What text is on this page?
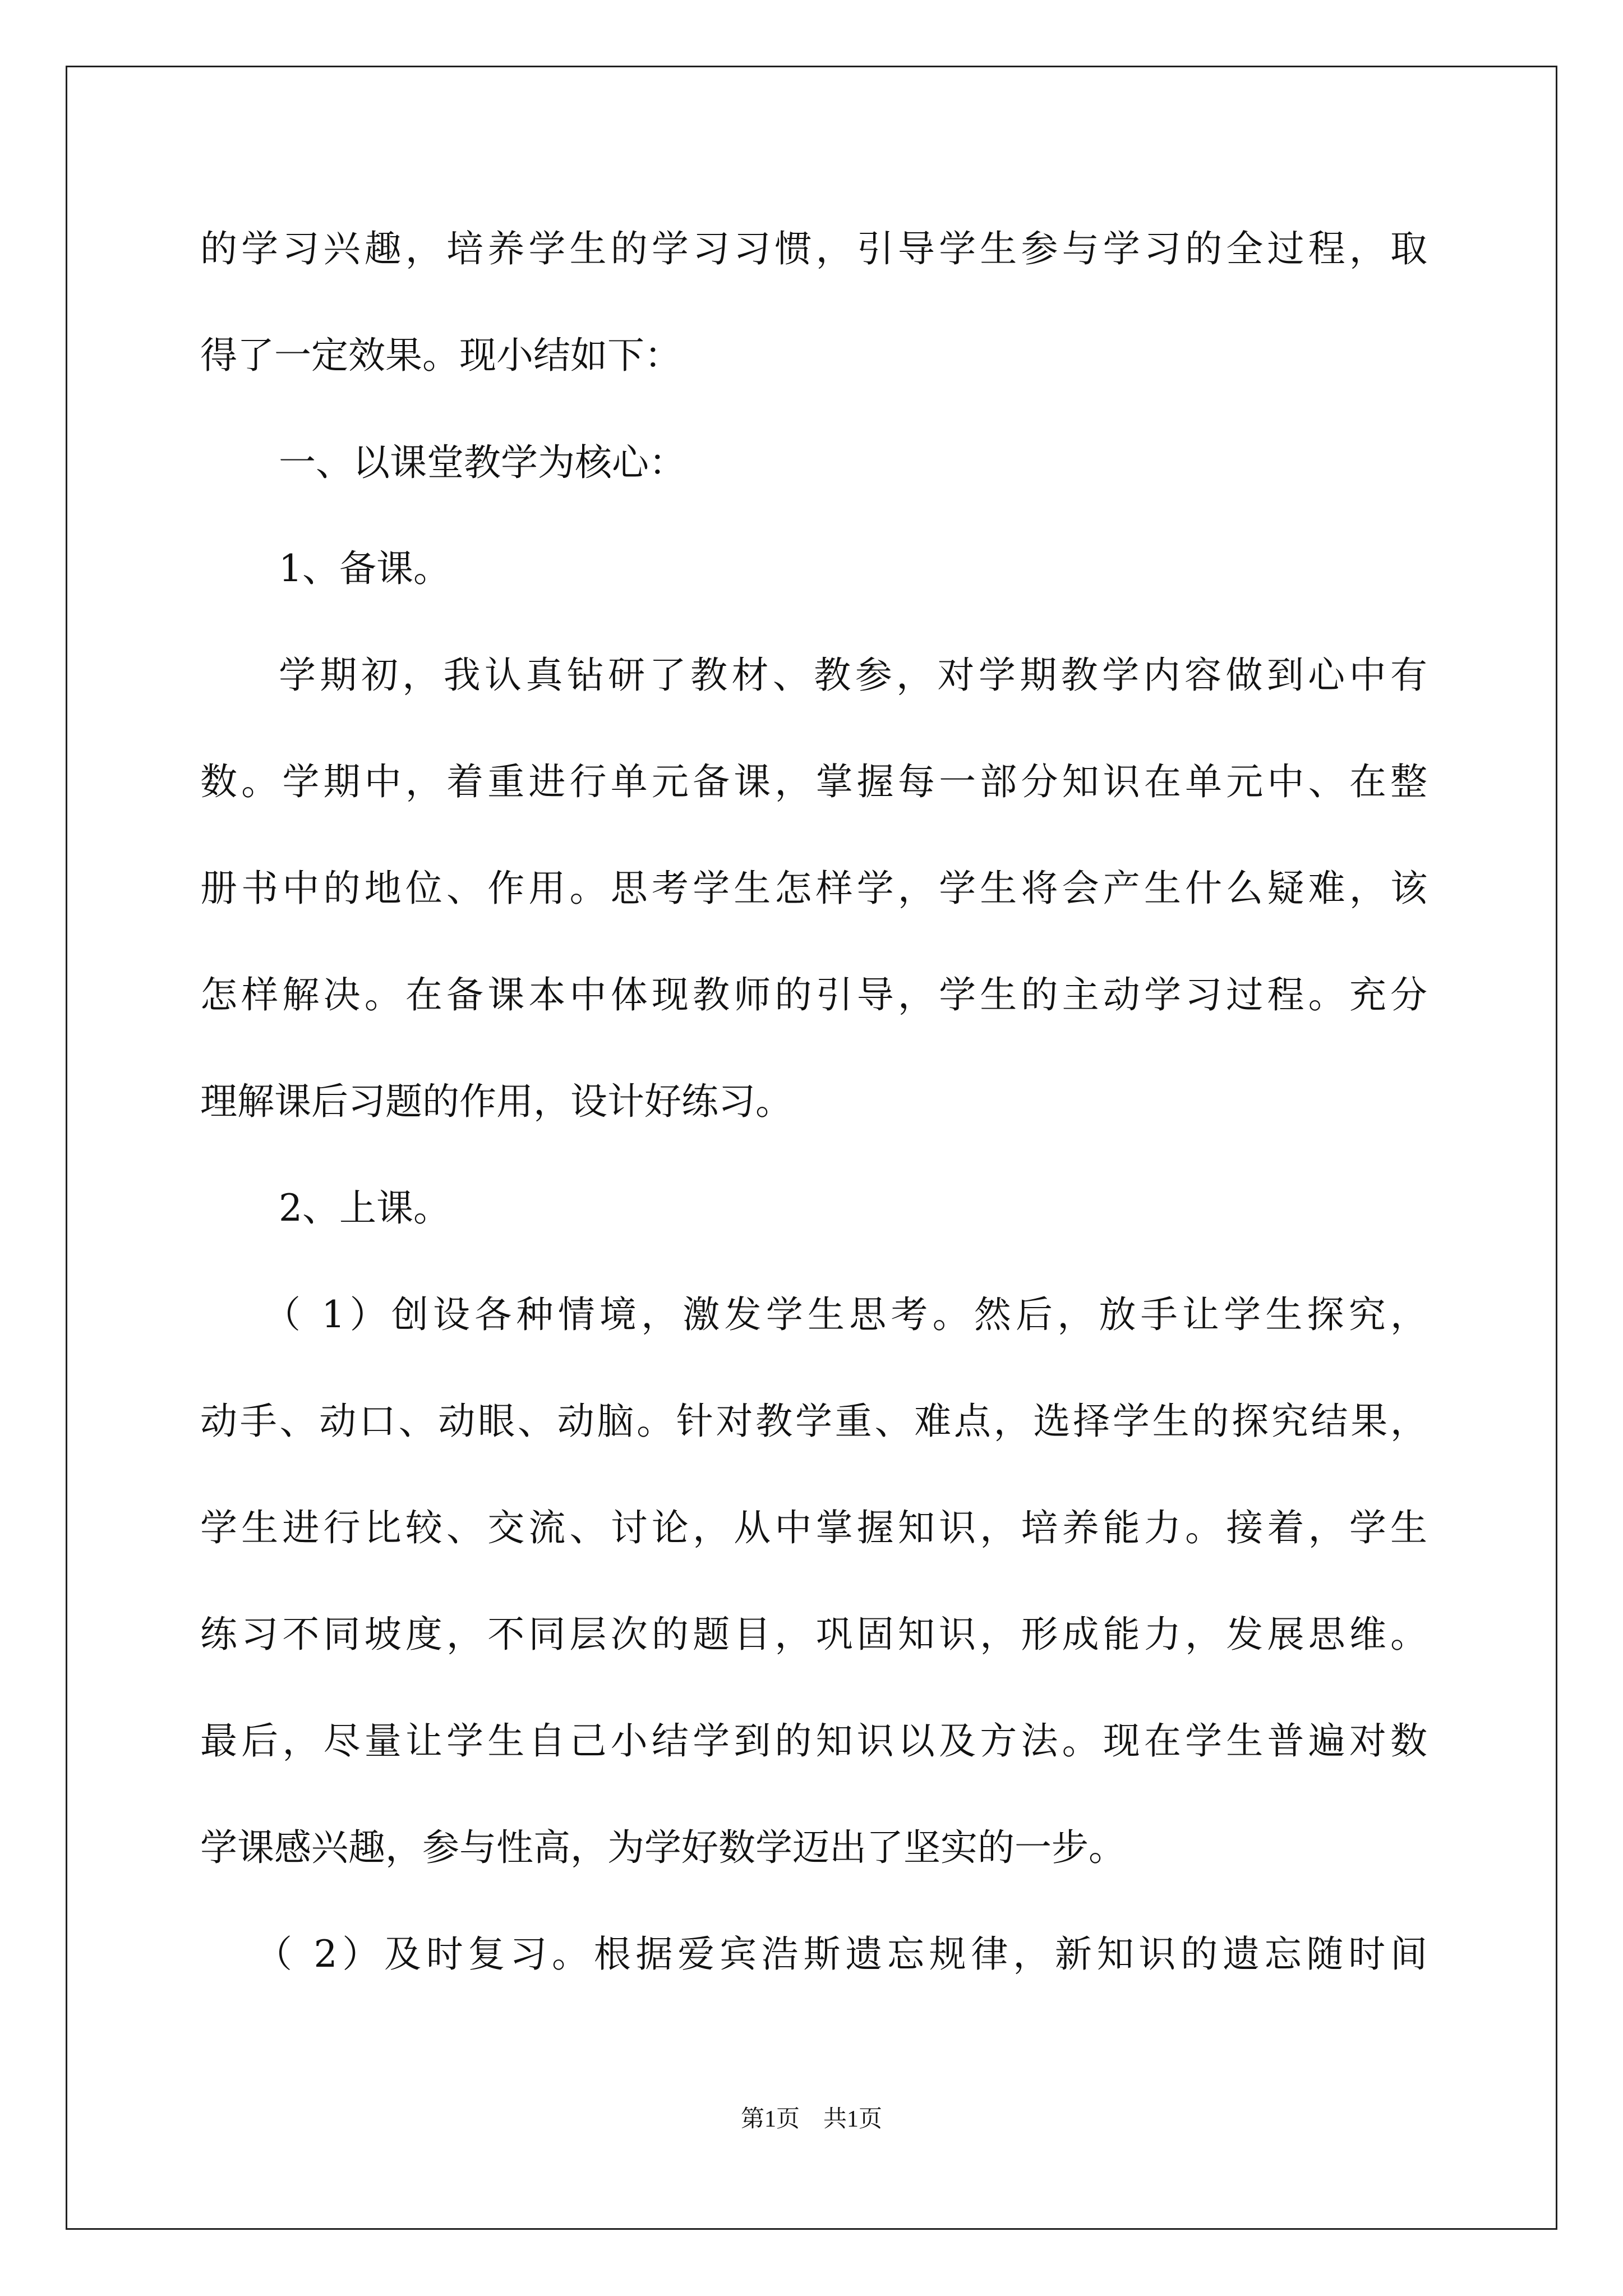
的学习兴趣，培养学生的学习习惯，引导学生参与学习的全过程，取
得了一定效果。现小结如下：
一、以课堂教学为核心：
1、备课。
学期初，我认真钻研了教材、教参，对学期教学内容做到心中有
数。学期中，着重进行单元备课，掌握每一部分知识在单元中、在整
册书中的地位、作用。思考学生怎样学，学生将会产生什么疑难，该
怎样解决。在备课本中体现教师的引导，学生的主动学习过程。充分
理解课后习题的作用，设计好练习。
2、上课。
（ 1）创设各种情境，激发学生思考。然后，放手让学生探究，
动手、动口、动眼、动脑。针对教学重、难点，选择学生的探究结果，
学生进行比较、交流、讨论，从中掌握知识，培养能力。接着，学生
练习不同坡度，不同层次的题目，巩固知识，形成能力，发展思维。
最后，尽量让学生自己小结学到的知识以及方法。现在学生普遍对数
学课感兴趣，参与性高，为学好数学迈出了坚实的一步。
（ 2）及时复习。根据爱宾浩斯遗忘规律，新知识的遗忘随时间
第1页 共1页
